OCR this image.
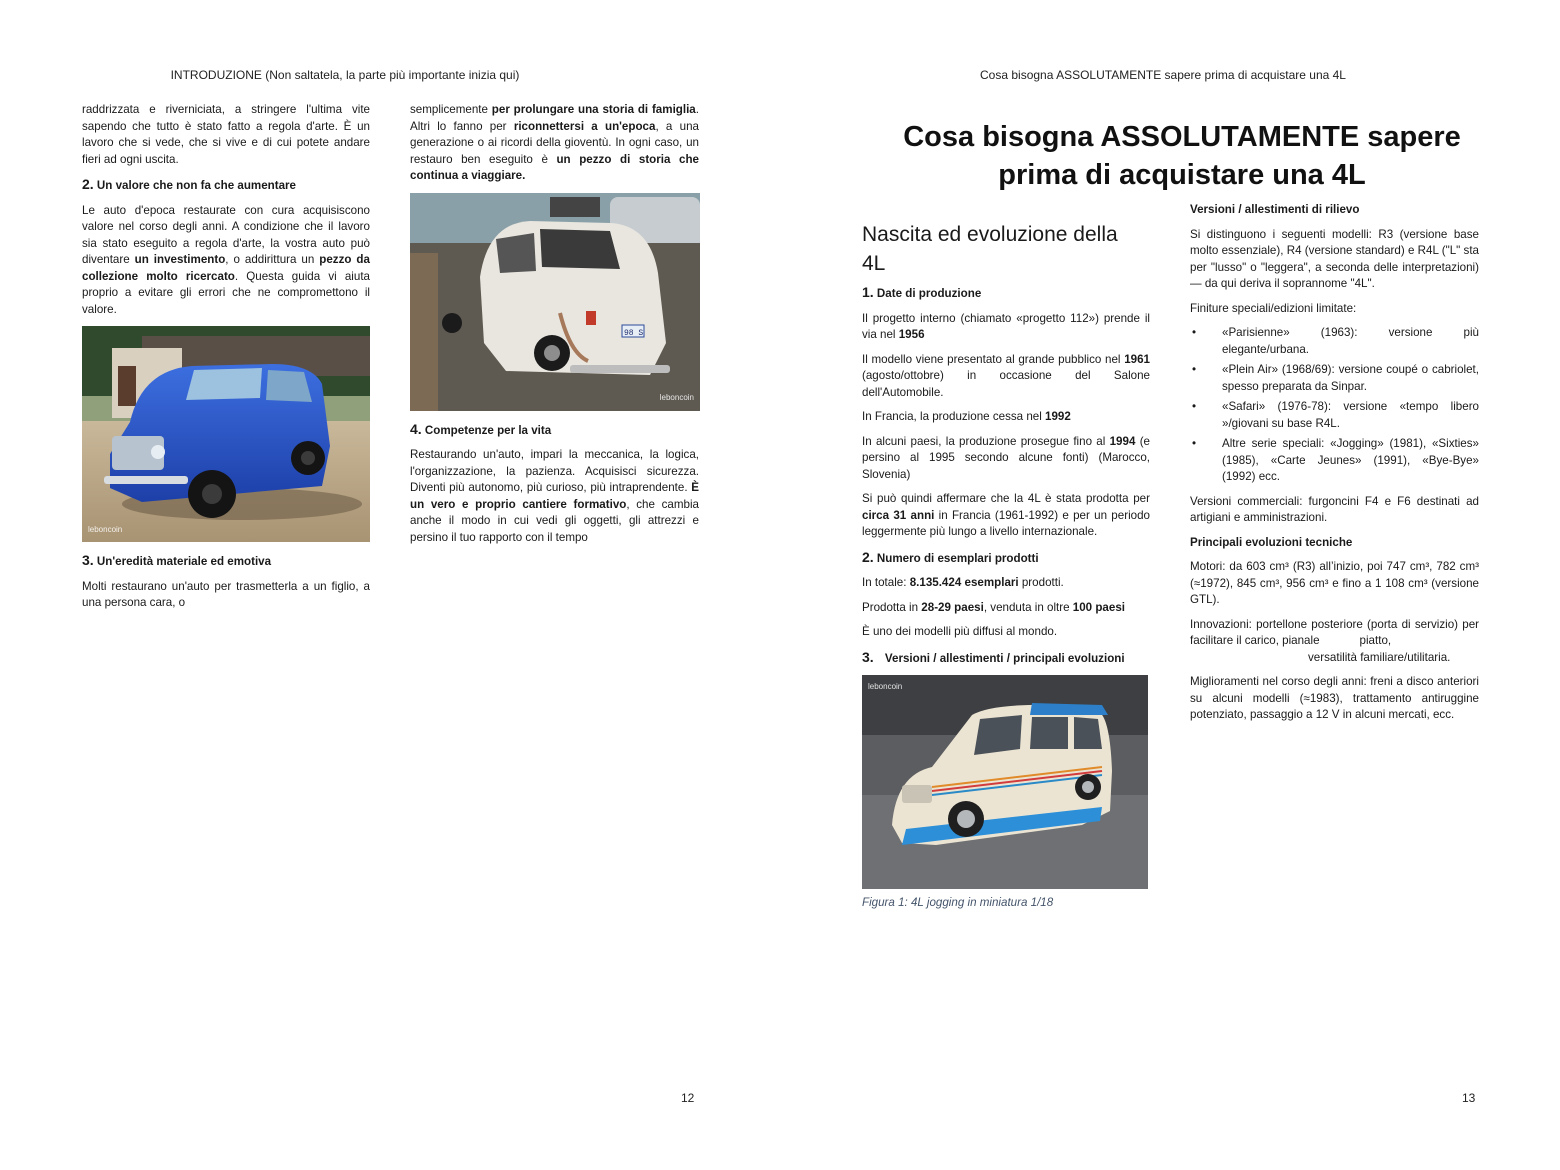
INTRODUZIONE (Non saltatela, la parte più importante inizia qui)

raddrizzata e riverniciata, a stringere l'ultima vite sapendo che tutto è stato fatto a regola d'arte. È un lavoro che si vede, che si vive e di cui potete andare fieri ad ogni uscita.

2. Un valore che non fa che aumentare

Le auto d'epoca restaurate con cura acquisiscono valore nel corso degli anni. A condizione che il lavoro sia stato eseguito a regola d'arte, la vostra auto può diventare un investimento, o addirittura un pezzo da collezione molto ricercato. Questa guida vi aiuta proprio a evitare gli errori che ne compromettono il valore.

leboncoin
3. Un'eredità materiale ed emotiva

Molti restaurano un'auto per trasmetterla a un figlio, a una persona cara, o

semplicemente per prolungare una storia di famiglia. Altri lo fanno per riconnettersi a un'epoca, a una generazione o ai ricordi della gioventù. In ogni caso, un restauro ben eseguito è un pezzo di storia che continua a viaggiare.

98 S
leboncoin
4. Competenze per la vita

Restaurando un'auto, impari la meccanica, la logica, l'organizzazione, la pazienza. Acquisisci sicurezza. Diventi più autonomo, più curioso, più intraprendente. È un vero e proprio cantiere formativo, che cambia anche il modo in cui vedi gli oggetti, gli attrezzi e persino il tuo rapporto con il tempo

12
Cosa bisogna ASSOLUTAMENTE sapere prima di acquistare una 4L
Cosa bisogna ASSOLUTAMENTE sapere prima di acquistare una 4L
Nascita ed evoluzione della 4L
1. Date di produzione

Il progetto interno (chiamato «progetto 112») prende il via nel 1956

Il modello viene presentato al grande pubblico nel 1961 (agosto/ottobre) in occasione del Salone dell'Automobile.

In Francia, la produzione cessa nel 1992

In alcuni paesi, la produzione prosegue fino al 1994 (e persino al 1995 secondo alcune fonti) (Marocco, Slovenia)

Si può quindi affermare che la 4L è stata prodotta per circa 31 anni in Francia (1961-1992) e per un periodo leggermente più lungo a livello internazionale.

2. Numero di esemplari prodotti

In totale: 8.135.424 esemplari prodotti.

Prodotta in 28-29 paesi, venduta in oltre 100 paesi

È uno dei modelli più diffusi al mondo.

3. Versioni / allestimenti / principali evoluzioni
leboncoin
Figura 1: 4L jogging in miniatura 1/18
Versioni / allestimenti di rilievo

Si distinguono i seguenti modelli: R3 (versione base molto essenziale), R4 (versione standard) e R4L ("L" sta per "lusso" o "leggera", a seconda delle interpretazioni) — da qui deriva il soprannome "4L".

Finiture speciali/edizioni limitate:

• «Parisienne» (1963): versione più elegante/urbana.
• «Plein Air» (1968/69): versione coupé o cabriolet, spesso preparata da Sinpar.
• «Safari» (1976-78): versione «tempo libero »/giovani su base R4L.
• Altre serie speciali: «Jogging» (1981), «Sixties» (1985), «Carte Jeunes» (1991), «Bye-Bye» (1992) ecc.

Versioni commerciali: furgoncini F4 e F6 destinati ad artigiani e amministrazioni.

Principali evoluzioni tecniche

Motori: da 603 cm³ (R3) all’inizio, poi 747 cm³, 782 cm³ (≈1972), 845 cm³, 956 cm³ e fino a 1 108 cm³ (versione GTL).

Innovazioni: portellone posteriore (porta di servizio) per facilitare il carico, pianale	piatto,
versatilità familiare/utilitaria.

Miglioramenti nel corso degli anni: freni a disco anteriori su alcuni modelli (≈1983), trattamento antiruggine potenziato, passaggio a 12 V in alcuni mercati, ecc.

13
